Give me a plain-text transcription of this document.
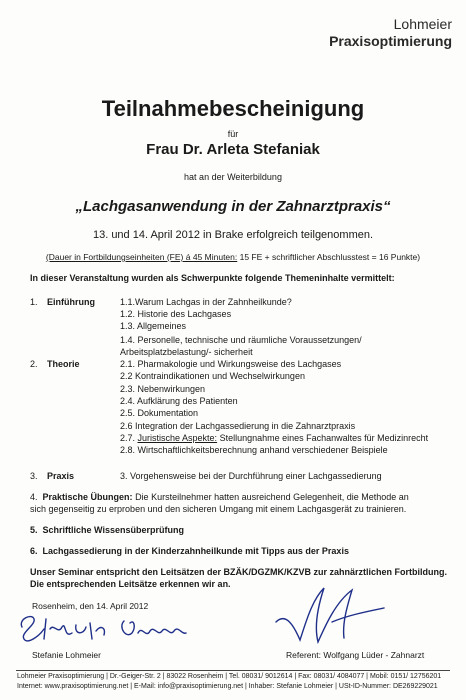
Lohmeier
Praxisoptimierung
Teilnahmebescheinigung
für
Frau Dr. Arleta Stefaniak
hat an der Weiterbildung
„Lachgasanwendung in der Zahnarztpraxis“
13. und 14. April 2012 in Brake erfolgreich teilgenommen.
(Dauer in Fortbildungseinheiten (FE) á 45 Minuten: 15 FE + schriftlicher Abschlusstest = 16 Punkte)
In dieser Veranstaltung wurden als Schwerpunkte folgende Themeninhalte vermittelt:
1. Einführung	1.1.Warum Lachgas in der Zahnheilkunde?
1.2. Historie des Lachgases
1.3. Allgemeines
1.4. Personelle, technische und räumliche Voraussetzungen/
Arbeitsplatzbelastung/- sicherheit
2. Theorie	2.1. Pharmakologie und Wirkungsweise des Lachgases
2.2 Kontraindikationen und Wechselwirkungen
2.3. Nebenwirkungen
2.4. Aufklärung des Patienten
2.5. Dokumentation
2.6 Integration der Lachgassedierung in die Zahnarztpraxis
2.7. Juristische Aspekte: Stellungnahme eines Fachanwaltes für Medizinrecht
2.8. Wirtschaftlichkeitsberechnung anhand verschiedener Beispiele
3. Praxis	3. Vorgehensweise bei der Durchführung einer Lachgassedierung
4. Praktische Übungen: Die Kursteilnehmer hatten ausreichend Gelegenheit, die Methode an
sich gegenseitig zu erproben und den sicheren Umgang mit einem Lachgasgerät zu trainieren.
5. Schriftliche Wissensüberprüfung
6. Lachgassedierung in der Kinderzahnheilkunde mit Tipps aus der Praxis
Unser Seminar entspricht den Leitsätzen der BZÄK/DGZMK/KZVB zur zahnärztlichen Fortbildung.
Die entsprechenden Leitsätze erkennen wir an.
Rosenheim, den 14. April 2012
Stefanie Lohmeier	Referent: Wolfgang Lüder - Zahnarzt
Lohmeier Praxisoptimierung | Dr.-Geiger-Str. 2 | 83022 Rosenheim | Tel. 08031/ 9012614 | Fax: 08031/ 4084077 | Mobil: 0151/ 12756201
Internet: www.praxisoptimierung.net | E-Mail: info@praxisoptimierung.net | Inhaber: Stefanie Lohmeier | USt-ID-Nummer: DE269229021
